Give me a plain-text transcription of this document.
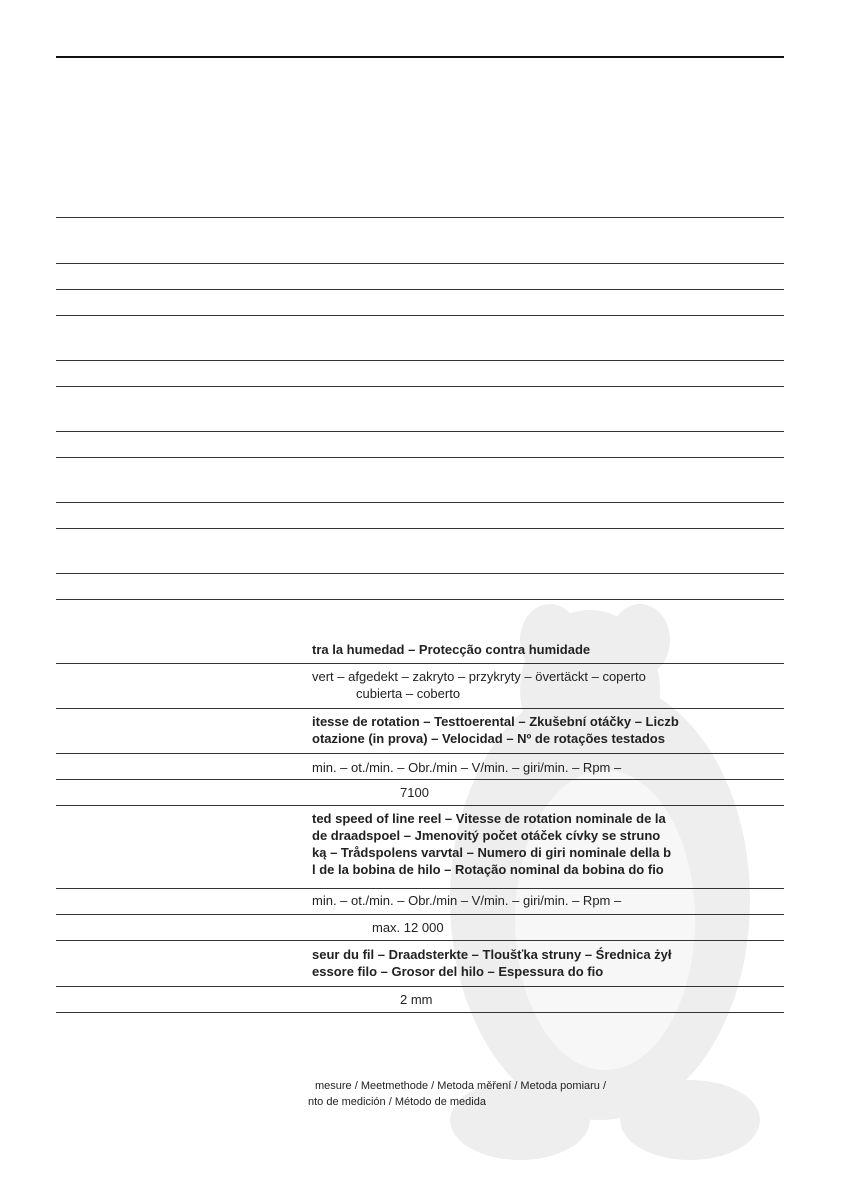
tra la humedad – Protecção contra humidade
vert – afgedekt – zakryto – przykryty – övertäckt – coperto
cubierta – coberto
itesse de rotation – Testtoerental – Zkušební otáčky – Liczb
otazione (in prova) – Velocidad – Nº de rotações testados
min. – ot./min. – Obr./min – V/min. – giri/min. – Rpm –
7100
ted speed of line reel – Vitesse de rotation nominale de la
de draadspoel – Jmenovitý počet otáček cívky se struno
ką – Trådspolens varvtal – Numero di giri nominale della b
l de la bobina de hilo – Rotação nominal da bobina do fio
min. – ot./min. – Obr./min – V/min. – giri/min. – Rpm –
max. 12 000
seur du fil – Draadsterkte – Tloušťka struny – Średnica żył
essore filo – Grosor del hilo – Espessura do fio
2 mm
mesure / Meetmethode / Metoda měření / Metoda pomiaru /
nto de medición / Método de medida
